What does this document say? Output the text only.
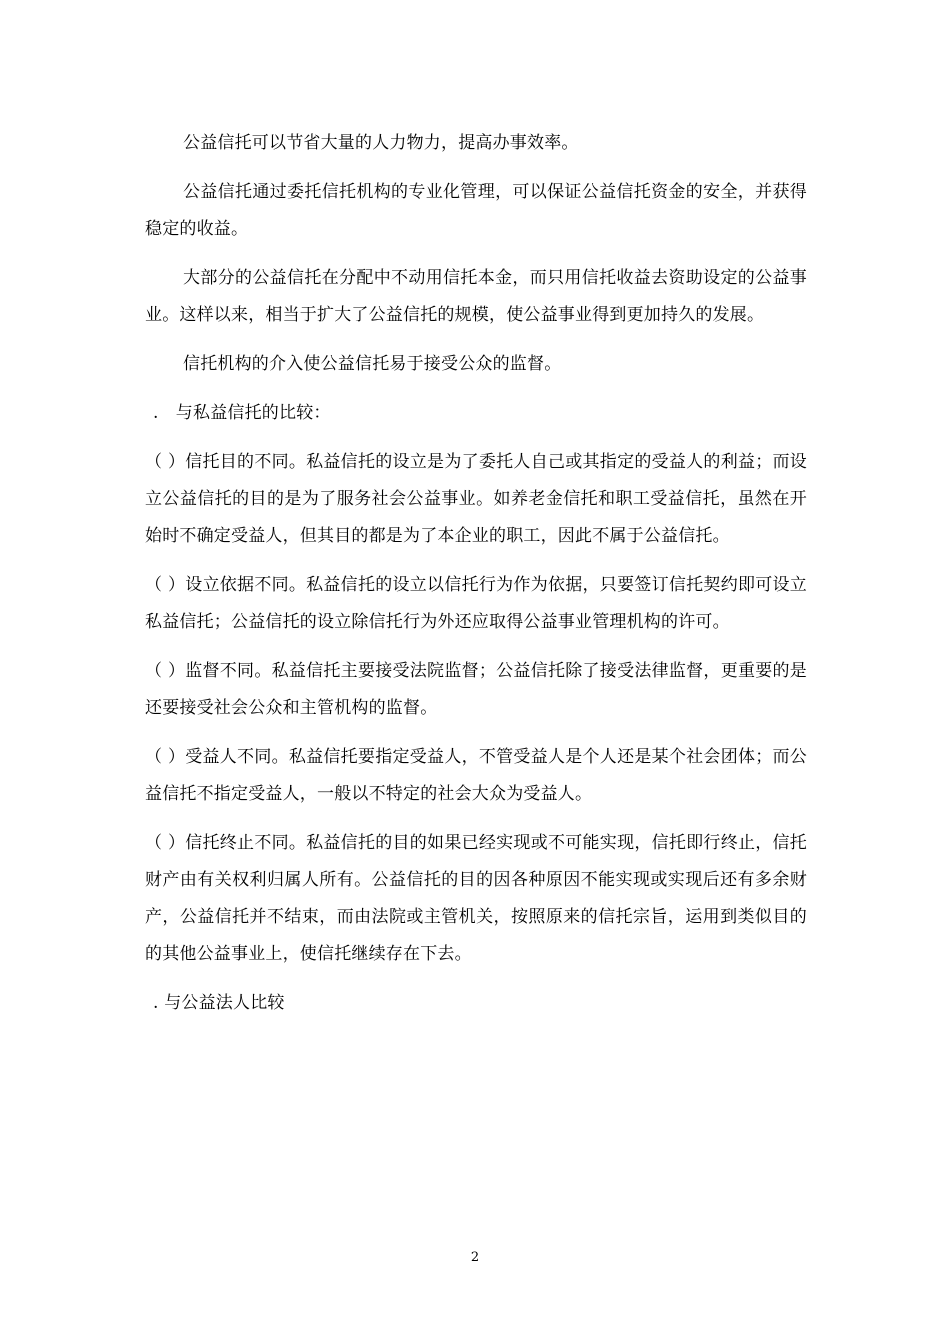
公益信托可以节省大量的人力物力，提高办事效率。

公益信托通过委托信托机构的专业化管理，可以保证公益信托资金的安全，并获得稳定的收益。

大部分的公益信托在分配中不动用信托本金，而只用信托收益去资助设定的公益事业。这样以来，相当于扩大了公益信托的规模，使公益事业得到更加持久的发展。

信托机构的介入使公益信托易于接受公众的监督。

.　与私益信托的比较：

（ ）信托目的不同。私益信托的设立是为了委托人自己或其指定的受益人的利益；而设立公益信托的目的是为了服务社会公益事业。如养老金信托和职工受益信托，虽然在开始时不确定受益人，但其目的都是为了本企业的职工，因此不属于公益信托。

（ ）设立依据不同。私益信托的设立以信托行为作为依据，只要签订信托契约即可设立私益信托；公益信托的设立除信托行为外还应取得公益事业管理机构的许可。

（ ）监督不同。私益信托主要接受法院监督；公益信托除了接受法律监督，更重要的是还要接受社会公众和主管机构的监督。

（ ）受益人不同。私益信托要指定受益人，不管受益人是个人还是某个社会团体；而公益信托不指定受益人，一般以不特定的社会大众为受益人。

（ ）信托终止不同。私益信托的目的如果已经实现或不可能实现，信托即行终止，信托财产由有关权利归属人所有。公益信托的目的因各种原因不能实现或实现后还有多余财产，公益信托并不结束，而由法院或主管机关，按照原来的信托宗旨，运用到类似目的的其他公益事业上，使信托继续存在下去。

. 与公益法人比较

2
